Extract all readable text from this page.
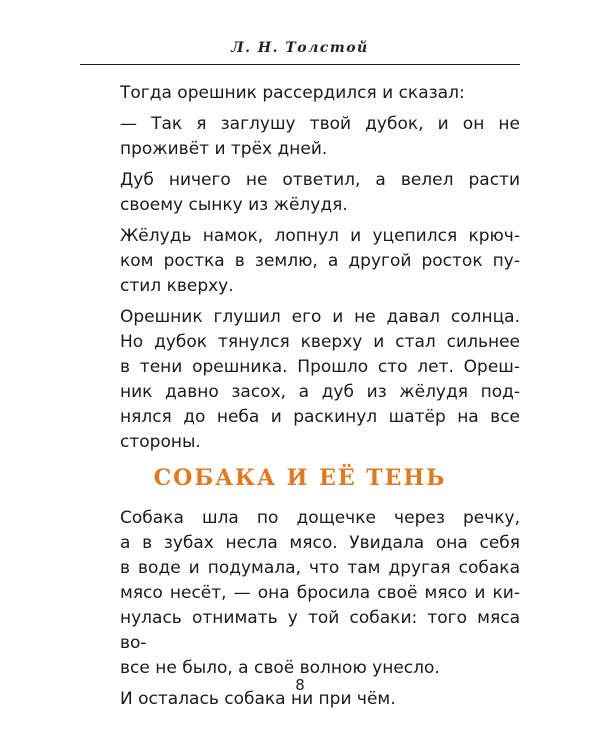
Л. Н. Толстой

Тогда орешник рассердился и сказал:

— Так я заглушу твой дубок, и он не
проживёт и трёх дней.

Дуб ничего не ответил, а велел расти
своему сынку из жёлудя.

Жёлудь намок, лопнул и уцепился крюч-
ком ростка в землю, а другой росток пу-
стил кверху.

Орешник глушил его и не давал солнца.
Но дубок тянулся кверху и стал сильнее
в тени орешника. Прошло сто лет. Ореш-
ник давно засох, а дуб из жёлудя под-
нялся до неба и раскинул шатёр на все
стороны.

СОБАКА И ЕЁ ТЕНЬ

Собака шла по дощечке через речку,
а в зубах несла мясо. Увидала она себя
в воде и подумала, что там другая собака
мясо несёт, — она бросила своё мясо и ки-
нулась отнимать у той собаки: того мяса во-
все не было, а своё волною унесло.

И осталась собака ни при чём.

8
